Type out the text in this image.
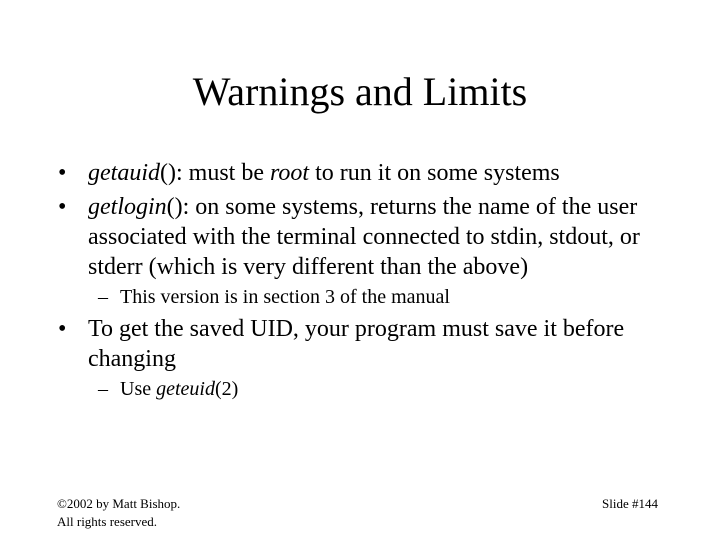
Warnings and Limits
• getauid(): must be root to run it on some systems
• getlogin(): on some systems, returns the name of the user associated with the terminal connected to stdin, stdout, or stderr (which is very different than the above)
– This version is in section 3 of the manual
• To get the saved UID, your program must save it before changing
– Use geteuid(2)
©2002 by Matt Bishop.
All rights reserved.
Slide #144
